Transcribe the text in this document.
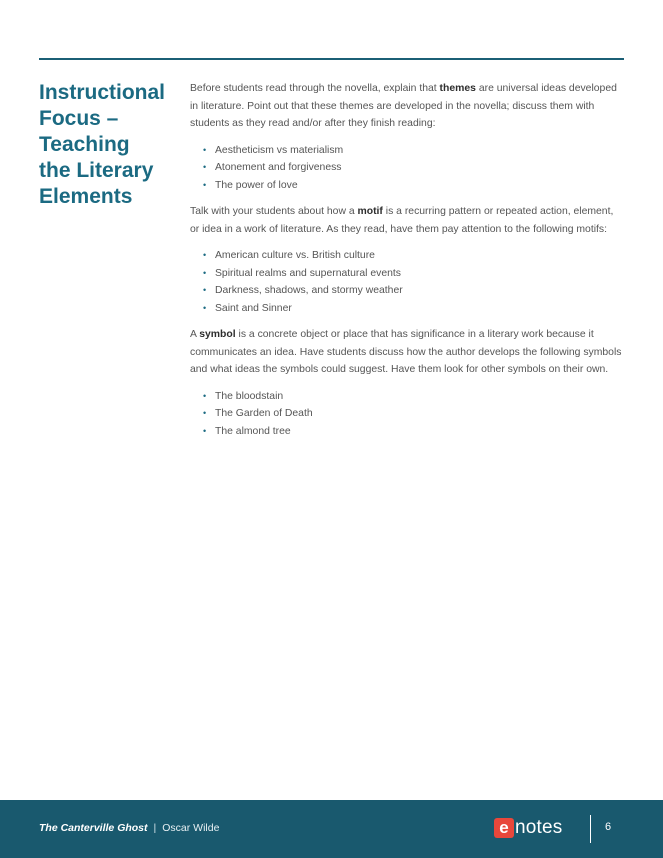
Instructional
Focus –
Teaching
the Literary
Elements

Before students read through the novella, explain that themes are universal ideas developed in literature. Point out that these themes are developed in the novella; discuss them with students as they read and/or after they finish reading:

• Aestheticism vs materialism
• Atonement and forgiveness
• The power of love

Talk with your students about how a motif is a recurring pattern or repeated action, element, or idea in a work of literature. As they read, have them pay attention to the following motifs:

• American culture vs. British culture
• Spiritual realms and supernatural events
• Darkness, shadows, and stormy weather
• Saint and Sinner

A symbol is a concrete object or place that has significance in a literary work because it communicates an idea. Have students discuss how the author develops the following symbols and what ideas the symbols could suggest. Have them look for other symbols on their own.

• The bloodstain
• The Garden of Death
• The almond tree
The Canterville Ghost | Oscar Wilde	e notes	6
